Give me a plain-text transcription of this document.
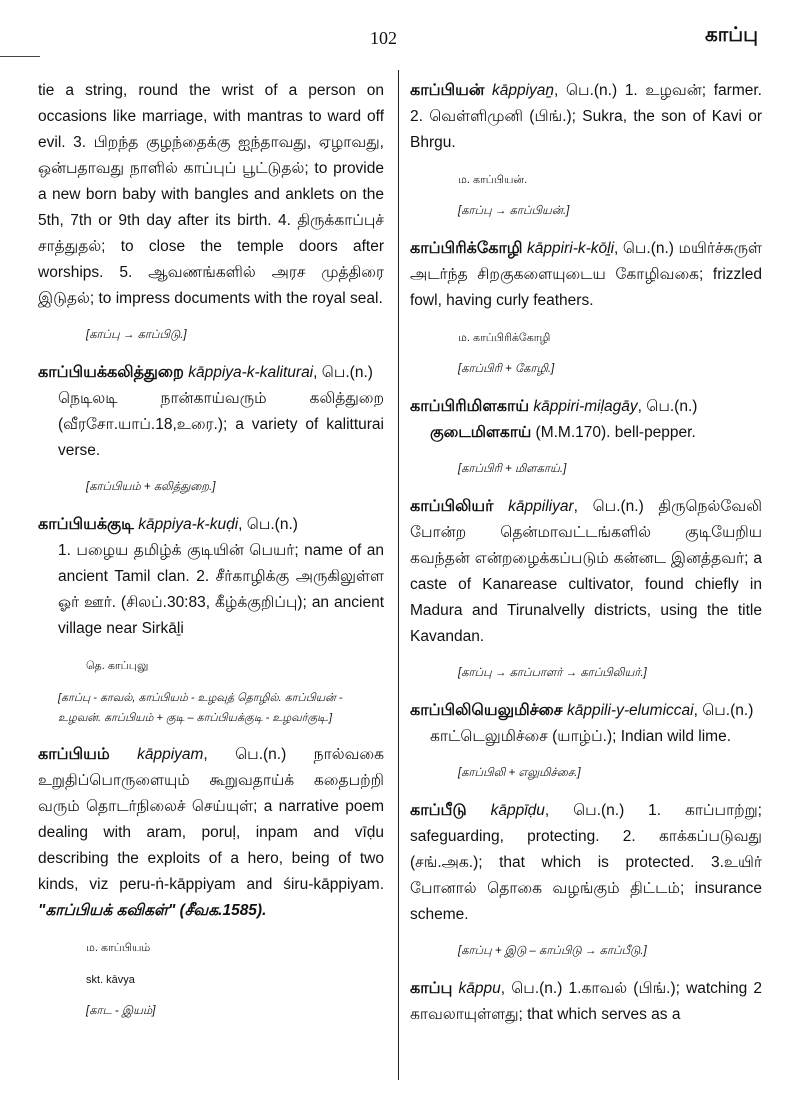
102	காப்பு

tie a string, round the wrist of a person on occasions like marriage, with mantras to ward off evil. 3. பிறந்த குழந்தைக்கு ஐந்தாவது, ஏழாவது, ஒன்பதாவது நாளில் காப்புப் பூட்டுதல்; to provide a new born baby with bangles and anklets on the 5th, 7th or 9th day after its birth. 4. திருக்காப்புச் சாத்துதல்; to close the temple doors after worships. 5. ஆவணங்களில் அரச முத்திரை இடுதல்; to impress documents with the royal seal.

[காப்பு → காப்பிடு.]

காப்பியக்கலித்துறை kāppiya-k-kaliturai, பெ.(n.)
நெடிலடி நான்காய்வரும் கலித்துறை (வீரசோ.யாப்.18,உரை.); a variety of kalitturai verse.

[காப்பியம் + கலித்துறை.]

காப்பியக்குடி kāppiya-k-kuḍi, பெ.(n.)
1. பழைய தமிழ்க் குடியின் பெயர்; name of an ancient Tamil clan. 2. சீர்காழிக்கு அருகிலுள்ள ஓர் ஊர். (சிலப்.30:83, கீழ்க்குறிப்பு); an ancient village near Sirkāḻi

தெ. காப்புலு
[காப்பு - காவல், காப்பியம் - உழவுத் தொழில். காப்பியன் - உழவன். காப்பியம் + குடி – காப்பியக்குடி - உழவர்குடி.]

காப்பியம் kāppiyam, பெ.(n.) நால்வகை உறுதிப்பொருளையும் கூறுவதாய்க் கதைபற்றி வரும் தொடர்நிலைச் செய்யுள்; a narrative poem dealing with aram, poruḷ, inpam and vīḍu describing the exploits of a hero, being of two kinds, viz peru-ṅ-kāppiyam and śiru-kāppiyam. "காப்பியக் கவிகள்" (சீவக.1585).

ம. காப்பியம்
skt. kāvya
[காட - இயம்]

காப்பியன் kāppiyaṉ, பெ.(n.) 1. உழவன்; farmer. 2. வெள்ளிமுனி (பிங்.); Sukra, the son of Kavi or Bhrgu.

ம. காப்பியன்.
[காப்பு → காப்பியன்.]

காப்பிரிக்கோழி kāppiri-k-kōḻi, பெ.(n.) மயிர்ச்சுருள் அடர்ந்த சிறகுகளையுடைய கோழிவகை; frizzled fowl, having curly feathers.

ம. காப்பிரிக்கோழி
[காப்பிரி + கோழி.]

காப்பிரிமிளகாய் kāppiri-miḷagāy, பெ.(n.)
குடைமிளகாய் (M.M.170). bell-pepper.

[காப்பிரி + மிளகாய்.]

காப்பிலியர் kāppiliyar, பெ.(n.) திருநெல்வேலி போன்ற தென்மாவட்டங்களில் குடியேறிய கவந்தன் என்றழைக்கப்படும் கன்னட இனத்தவர்; a caste of Kanarease cultivator, found chiefly in Madura and Tirunalvelly districts, using the title Kavandan.

[காப்பு → காப்பாளர் → காப்பிலியர்.]

காப்பிலியெலுமிச்சை kāppili-y-elumiccai, பெ.(n.)
காட்டெலுமிச்சை (யாழ்ப்.); Indian wild lime.

[காப்பிலி + எலுமிச்சை.]

காப்பீடு kāppīḍu, பெ.(n.) 1. காப்பாற்று; safeguarding, protecting. 2. காக்கப்படுவது (சங்.அக.); that which is protected. 3.உயிர் போனால் தொகை வழங்கும் திட்டம்; insurance scheme.

[காப்பு + இடு – காப்பிடு → காப்பீடு.]

காப்பு kāppu, பெ.(n.) 1.காவல் (பிங்.); watching 2 காவலாயுள்ளது; that which serves as a
